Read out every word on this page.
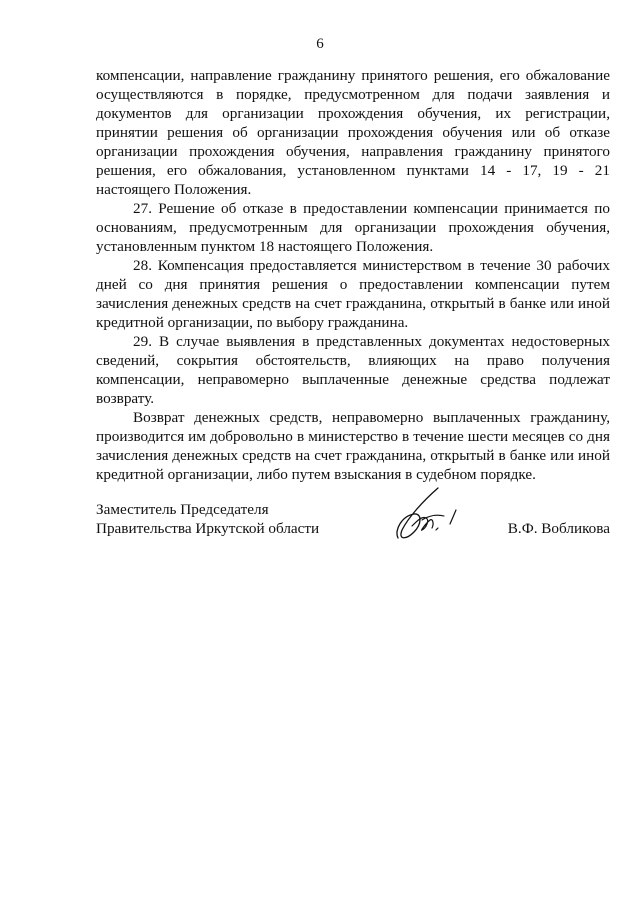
6

компенсации, направление гражданину принятого решения, его обжалование осуществляются в порядке, предусмотренном для подачи заявления и документов для организации прохождения обучения, их регистрации, принятии решения об организации прохождения обучения или об отказе организации прохождения обучения, направления гражданину принятого решения, его обжалования, установленном пунктами 14 - 17, 19 - 21 настоящего Положения.

27. Решение об отказе в предоставлении компенсации принимается по основаниям, предусмотренным для организации прохождения обучения, установленным пунктом 18 настоящего Положения.

28. Компенсация предоставляется министерством в течение 30 рабочих дней со дня принятия решения о предоставлении компенсации путем зачисления денежных средств на счет гражданина, открытый в банке или иной кредитной организации, по выбору гражданина.

29. В случае выявления в представленных документах недостоверных сведений, сокрытия обстоятельств, влияющих на право получения компенсации, неправомерно выплаченные денежные средства подлежат возврату.

Возврат денежных средств, неправомерно выплаченных гражданину, производится им добровольно в министерство в течение шести месяцев со дня зачисления денежных средств на счет гражданина, открытый в банке или иной кредитной организации, либо путем взыскания в судебном порядке.

Заместитель Председателя
Правительства Иркутской области	В.Ф. Вобликова
